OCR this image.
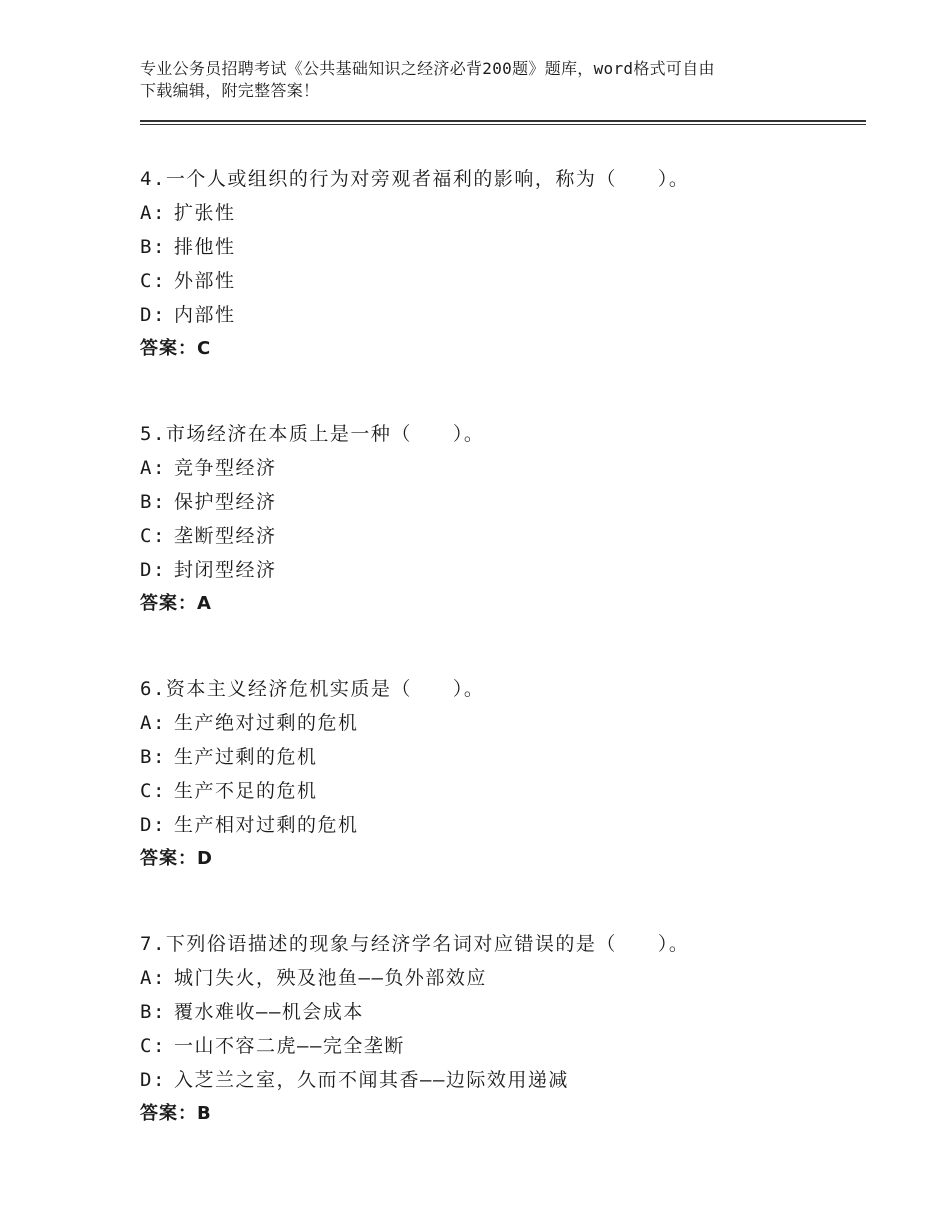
专业公务员招聘考试《公共基础知识之经济必背200题》题库，word格式可自由
下载编辑，附完整答案！
4.一个人或组织的行为对旁观者福利的影响，称为（　　）。
A: 扩张性
B: 排他性
C: 外部性
D: 内部性
答案：C
5.市场经济在本质上是一种（　　）。
A: 竞争型经济
B: 保护型经济
C: 垄断型经济
D: 封闭型经济
答案：A
6.资本主义经济危机实质是（　　）。
A: 生产绝对过剩的危机
B: 生产过剩的危机
C: 生产不足的危机
D: 生产相对过剩的危机
答案：D
7.下列俗语描述的现象与经济学名词对应错误的是（　　）。
A: 城门失火，殃及池鱼——负外部效应
B: 覆水难收——机会成本
C: 一山不容二虎——完全垄断
D: 入芝兰之室，久而不闻其香——边际效用递减
答案：B
